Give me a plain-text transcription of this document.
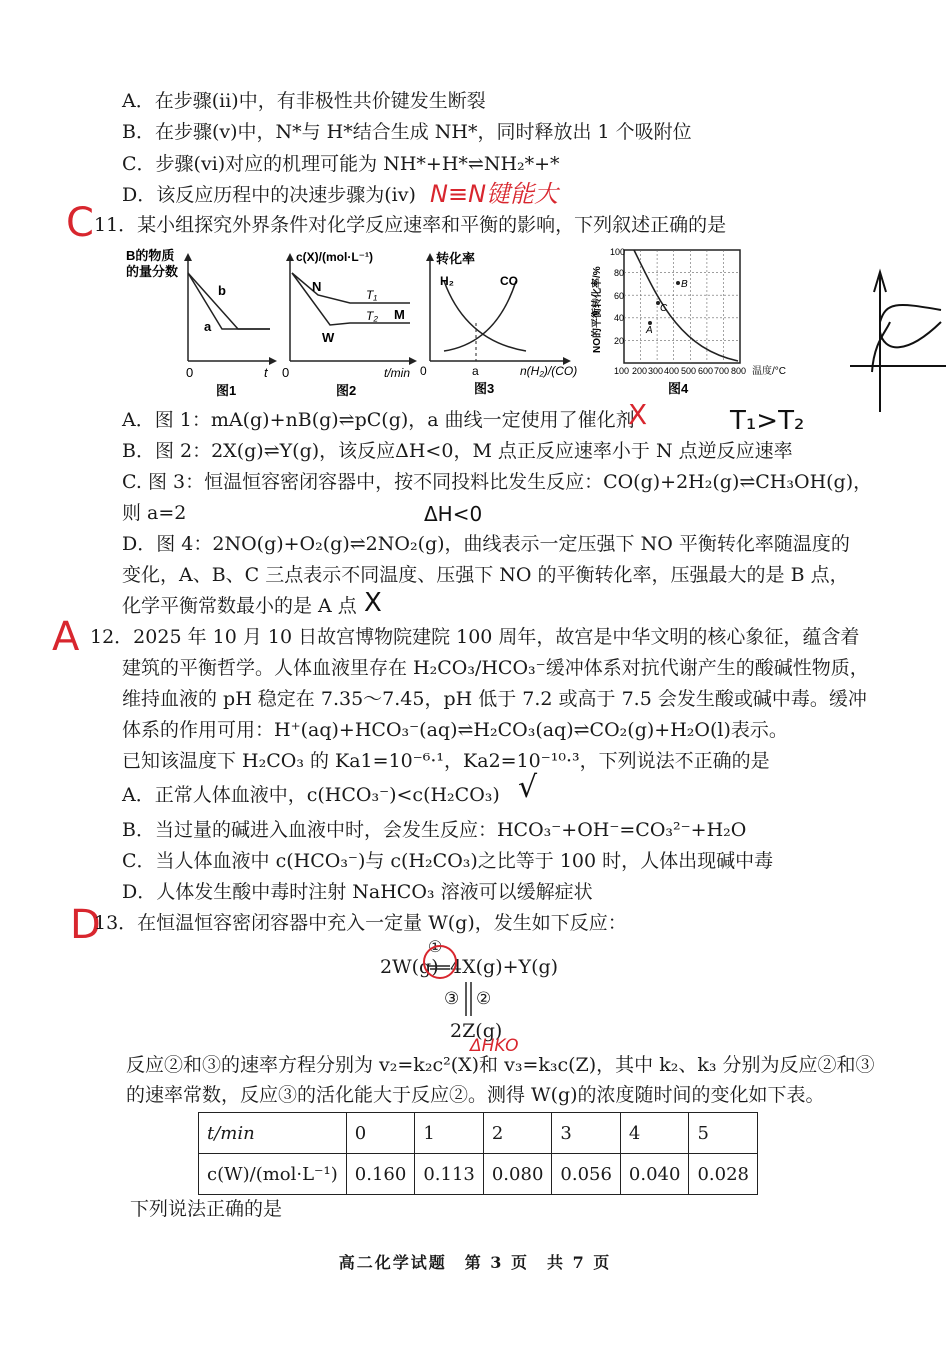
A．在步骤(ⅱ)中，有非极性共价键发生断裂
B．在步骤(ⅴ)中，N*与 H*结合生成 NH*，同时释放出 1 个吸附位
C．步骤(ⅵ)对应的机理可能为 NH*+H*⇌NH₂*+*
D．该反应历程中的决速步骤为(iv) N≡N键能大
C 11．某小组探究外界条件对化学反应速率和平衡的影响，下列叙述正确的是
B的物质
的量分数
b
a
0	t
图1
c(X)/(mol·L⁻¹)
N
M
W
T₁
T₂
0	t/min
图2
转化率
H₂	CO
a
0	n(H₂)/(CO)
图3
A
C
B
NO的平衡转化率/%
100
80
60
40
20
100 200 300 400 500 600 700 800 温度/°C
图4
A．图 1：mA(g)+nB(g)⇌pC(g)，a 曲线一定使用了催化剂
X	T₁>T₂
B．图 2：2X(g)⇌Y(g)，该反应ΔH<0，M 点正反应速率小于 N 点逆反应速率
C. 图 3：恒温恒容密闭容器中，按不同投料比发生反应：CO(g)+2H₂(g)⇌CH₃OH(g)，
则 a=2	ΔH<0
D．图 4：2NO(g)+O₂(g)⇌2NO₂(g)，曲线表示一定压强下 NO 平衡转化率随温度的
变化，A、B、C 三点表示不同温度、压强下 NO 的平衡转化率，压强最大的是 B 点，
化学平衡常数最小的是 A 点 X
A 12．2025 年 10 月 10 日故宫博物院建院 100 周年，故宫是中华文明的核心象征，蕴含着
建筑的平衡哲学。人体血液里存在 H₂CO₃/HCO₃⁻缓冲体系对抗代谢产生的酸碱性物质，
维持血液的 pH 稳定在 7.35～7.45，pH 低于 7.2 或高于 7.5 会发生酸或碱中毒。缓冲
体系的作用可用：H⁺(aq)+HCO₃⁻(aq)⇌H₂CO₃(aq)⇌CO₂(g)+H₂O(l)表示。
已知该温度下 H₂CO₃ 的 Ka1=10⁻⁶·¹，Ka2=10⁻¹⁰·³，下列说法不正确的是
A．正常人体血液中，c(HCO₃⁻)<c(H₂CO₃) √
B．当过量的碱进入血液中时，会发生反应：HCO₃⁻+OH⁻=CO₃²⁻+H₂O
C．当人体血液中 c(HCO₃⁻)与 c(H₂CO₃)之比等于 100 时，人体出现碱中毒
D．人体发生酸中毒时注射 NaHCO₃ 溶液可以缓解症状
D
13．在恒温恒容密闭容器中充入一定量 W(g)，发生如下反应：
2W(g) 4X(g)+Y(g)
①
③ ②
2Z(g)
ΔHKO
反应②和③的速率方程分别为 v₂=k₂c²(X)和 v₃=k₃c(Z)，其中 k₂、k₃ 分别为反应②和③
的速率常数，反应③的活化能大于反应②。测得 W(g)的浓度随时间的变化如下表。
t/min	0	1	2	3	4	5
c(W)/(mol·L⁻¹)	0.160	0.113	0.080	0.056	0.040	0.028
下列说法正确的是
高二化学试题　第 3 页　共 7 页
